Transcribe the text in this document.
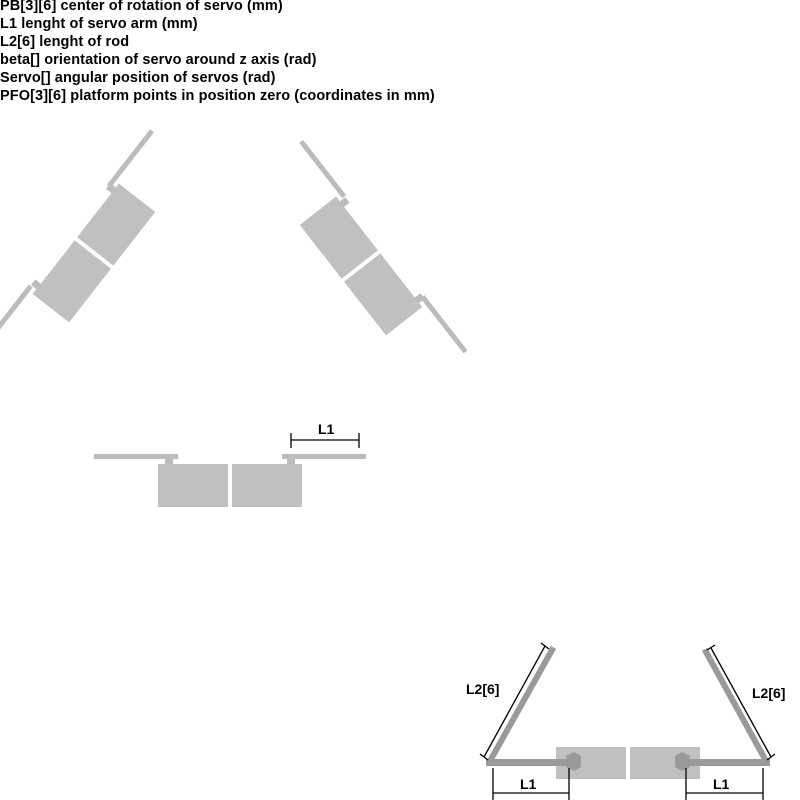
PB[3][6] center of rotation of servo (mm)
L1 lenght of servo arm (mm)
L2[6] lenght of rod
beta[] orientation of servo around z axis (rad)
Servo[] angular position of servos (rad)
PFO[3][6] platform points in position zero (coordinates in mm)
L1
L2[6]	L2[6]
L1	L1
